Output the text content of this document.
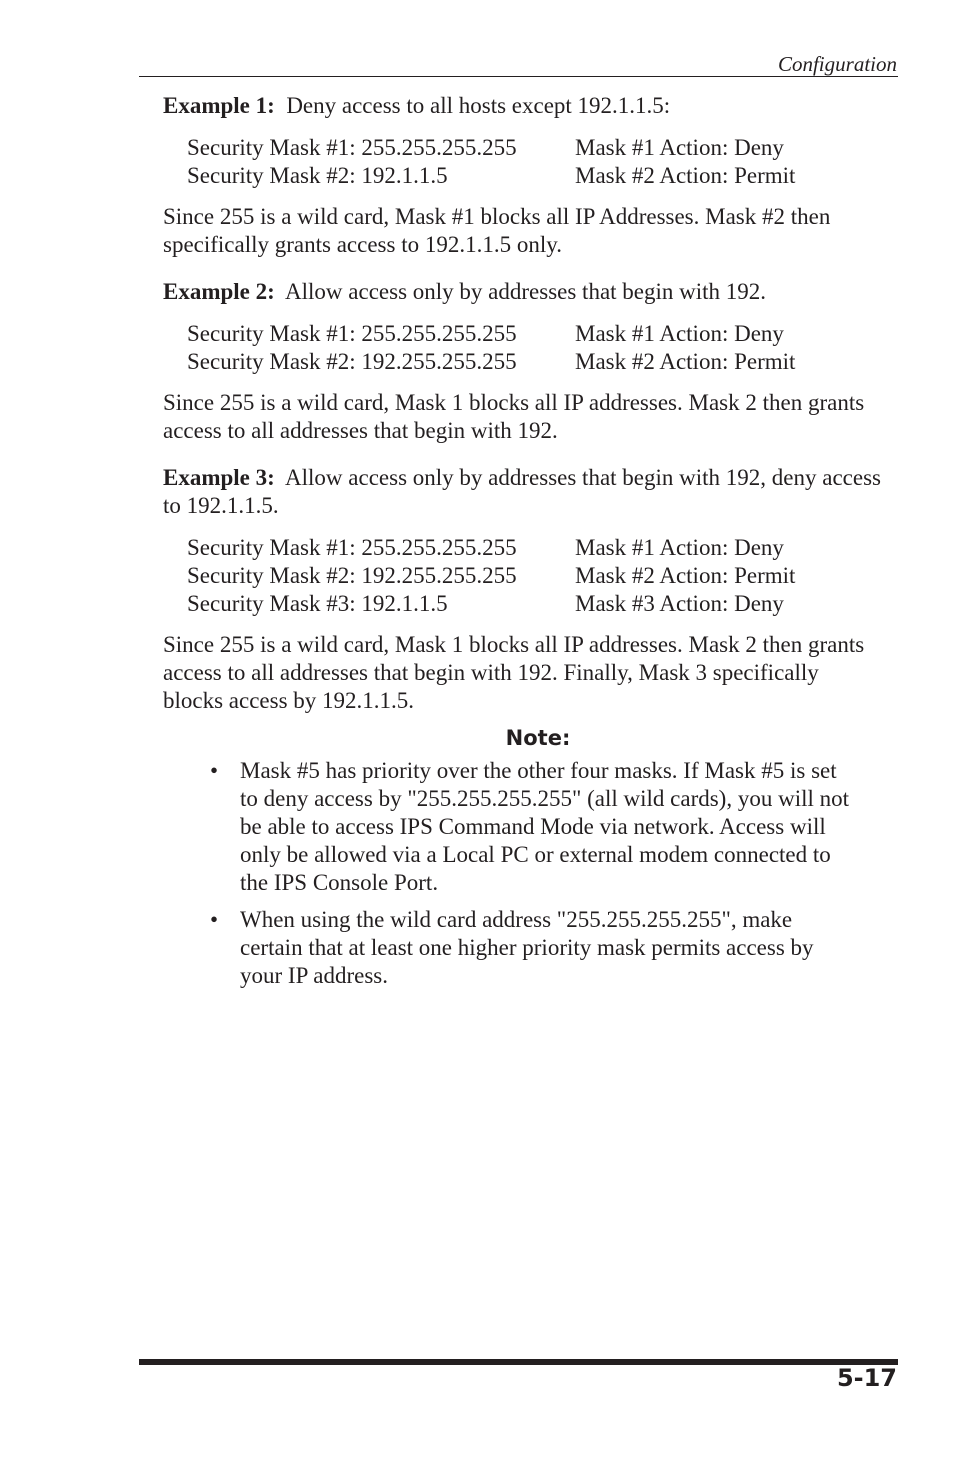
Configuration

Example 1: Deny access to all hosts except 192.1.1.5:

Security Mask #1: 255.255.255.255	Mask #1 Action: Deny
Security Mask #2: 192.1.1.5	Mask #2 Action: Permit

Since 255 is a wild card, Mask #1 blocks all IP Addresses. Mask #2 then specifically grants access to 192.1.1.5 only.

Example 2: Allow access only by addresses that begin with 192.

Security Mask #1: 255.255.255.255	Mask #1 Action: Deny
Security Mask #2: 192.255.255.255	Mask #2 Action: Permit

Since 255 is a wild card, Mask 1 blocks all IP addresses. Mask 2 then grants access to all addresses that begin with 192.

Example 3: Allow access only by addresses that begin with 192, deny access to 192.1.1.5.

Security Mask #1: 255.255.255.255	Mask #1 Action: Deny
Security Mask #2: 192.255.255.255	Mask #2 Action: Permit
Security Mask #3: 192.1.1.5	Mask #3 Action: Deny

Since 255 is a wild card, Mask 1 blocks all IP addresses. Mask 2 then grants access to all addresses that begin with 192. Finally, Mask 3 specifically blocks access by 192.1.1.5.

Note:
• Mask #5 has priority over the other four masks. If Mask #5 is set to deny access by "255.255.255.255" (all wild cards), you will not be able to access IPS Command Mode via network. Access will only be allowed via a Local PC or external modem connected to the IPS Console Port.
• When using the wild card address "255.255.255.255", make certain that at least one higher priority mask permits access by your IP address.
5-17
